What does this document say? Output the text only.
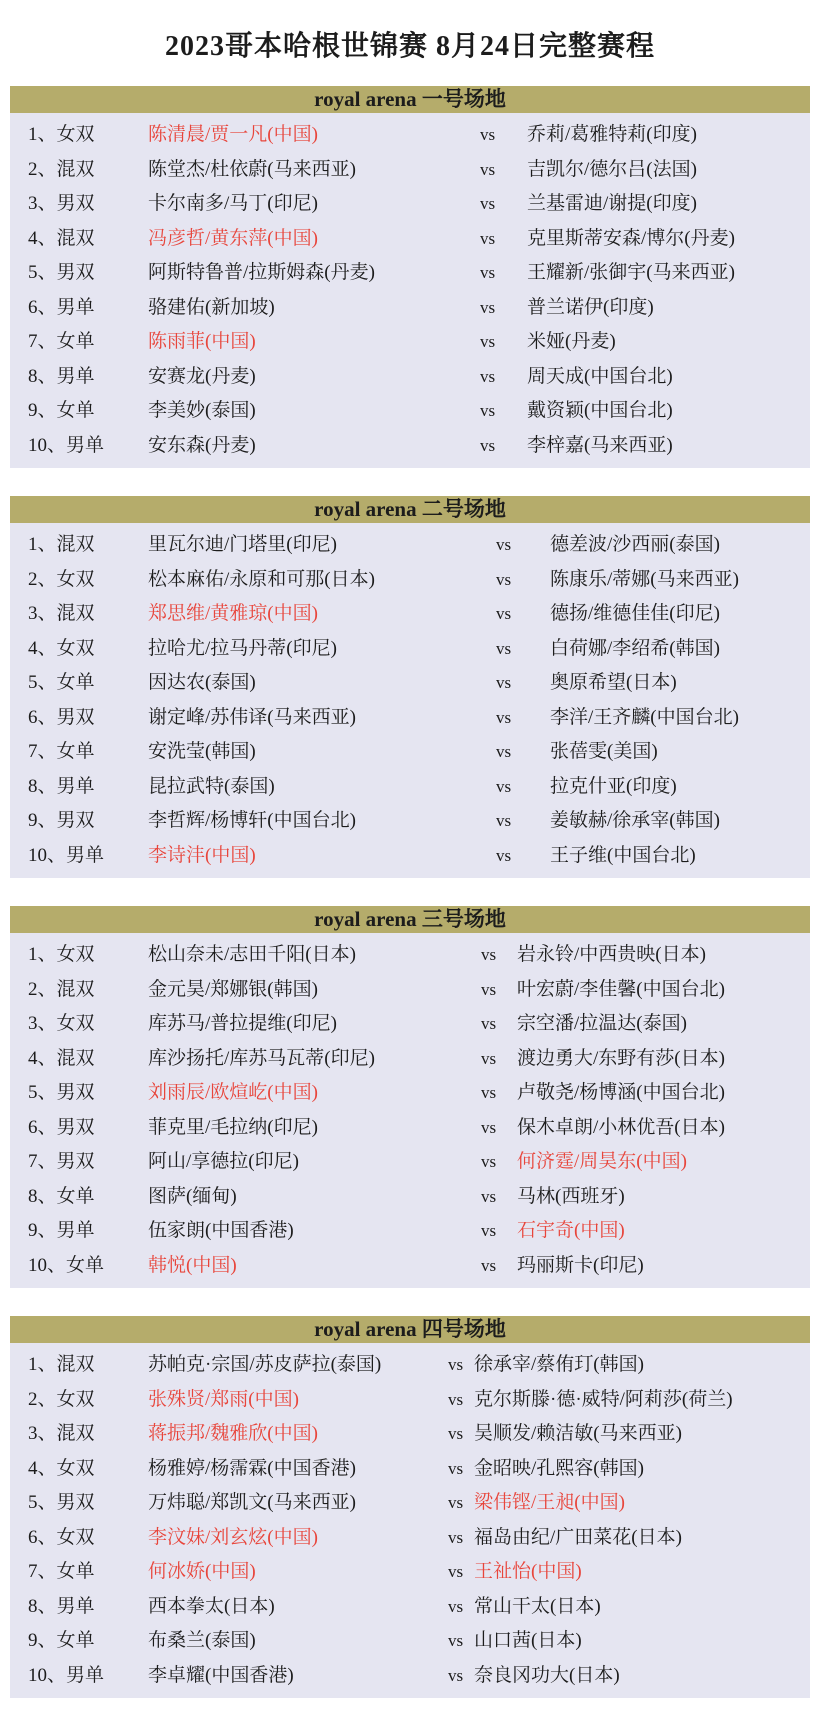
2023哥本哈根世锦赛 8月24日完整赛程
royal arena 一号场地
1、女双	陈清晨/贾一凡(中国)	vs 乔莉/葛雅特莉(印度)
2、混双	陈堂杰/杜依蔚(马来西亚)	vs 吉凯尔/德尔吕(法国)
3、男双	卡尔南多/马丁(印尼)	vs 兰基雷迪/谢提(印度)
4、混双	冯彦哲/黄东萍(中国)	vs 克里斯蒂安森/博尔(丹麦)
5、男双	阿斯特鲁普/拉斯姆森(丹麦)	vs 王耀新/张御宇(马来西亚)
6、男单	骆建佑(新加坡)	vs 普兰诺伊(印度)
7、女单	陈雨菲(中国)	vs 米娅(丹麦)
8、男单	安赛龙(丹麦)	vs 周天成(中国台北)
9、女单	李美妙(泰国)	vs 戴资颖(中国台北)
10、男单 安东森(丹麦)	vs 李梓嘉(马来西亚)
royal arena 二号场地
1、混双	里瓦尔迪/门塔里(印尼)	vs 德差波/沙西丽(泰国)
2、女双	松本麻佑/永原和可那(日本)	vs 陈康乐/蒂娜(马来西亚)
3、混双	郑思维/黄雅琼(中国)	vs 德扬/维德佳佳(印尼)
4、女双	拉哈尤/拉马丹蒂(印尼)	vs 白荷娜/李绍希(韩国)
5、女单	因达农(泰国)	vs 奥原希望(日本)
6、男双	谢定峰/苏伟译(马来西亚)	vs 李洋/王齐麟(中国台北)
7、女单	安洗莹(韩国)	vs 张蓓雯(美国)
8、男单	昆拉武特(泰国)	vs 拉克什亚(印度)
9、男双	李哲辉/杨博轩(中国台北)	vs 姜敏赫/徐承宰(韩国)
10、男单 李诗沣(中国)	vs 王子维(中国台北)
royal arena 三号场地
1、女双	松山奈未/志田千阳(日本)	vs 岩永铃/中西贵映(日本)
2、混双	金元昊/郑娜银(韩国)	vs 叶宏蔚/李佳馨(中国台北)
3、女双	库苏马/普拉提维(印尼)	vs 宗空潘/拉温达(泰国)
4、混双	库沙扬托/库苏马瓦蒂(印尼)	vs 渡边勇大/东野有莎(日本)
5、男双	刘雨辰/欧煊屹(中国)	vs 卢敬尧/杨博涵(中国台北)
6、男双	菲克里/毛拉纳(印尼)	vs 保木卓朗/小林优吾(日本)
7、男双	阿山/享德拉(印尼)	vs 何济霆/周昊东(中国)
8、女单	图萨(缅甸)	vs 马林(西班牙)
9、男单	伍家朗(中国香港)	vs 石宇奇(中国)
10、女单 韩悦(中国)	vs 玛丽斯卡(印尼)
royal arena 四号场地
1、混双	苏帕克·宗国/苏皮萨拉(泰国)	vs 徐承宰/蔡侑玎(韩国)
2、女双	张殊贤/郑雨(中国)	vs 克尔斯滕·德·威特/阿莉莎(荷兰)
3、混双	蒋振邦/魏雅欣(中国)	vs 吴顺发/赖洁敏(马来西亚)
4、女双	杨雅婷/杨霈霖(中国香港)	vs 金昭映/孔熙容(韩国)
5、男双	万炜聪/郑凯文(马来西亚)	vs 梁伟铿/王昶(中国)
6、女双	李汶妹/刘玄炫(中国)	vs 福岛由纪/广田菜花(日本)
7、女单	何冰娇(中国)	vs 王祉怡(中国)
8、男单	西本拳太(日本)	vs 常山干太(日本)
9、女单	布桑兰(泰国)	vs 山口茜(日本)
10、男单 李卓耀(中国香港)	vs 奈良冈功大(日本)
